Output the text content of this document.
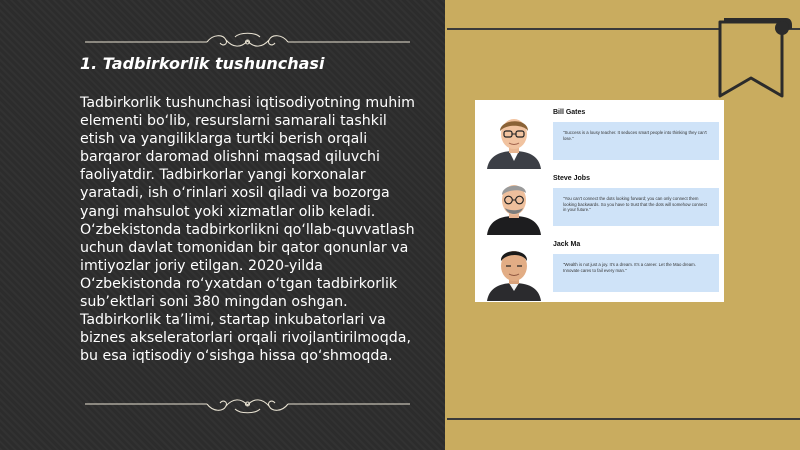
1. Tadbirkorlik tushunchasi

Tadbirkorlik tushunchasi iqtisodiyotning muhim elementi bo‘lib, resurslarni samarali tashkil etish va yangiliklarga turtki berish orqali barqaror daromad olishni maqsad qiluvchi faoliyatdir. Tadbirkorlar yangi korxonalar yaratadi, ish o‘rinlari xosil qiladi va bozorga yangi mahsulot yoki xizmatlar olib keladi. O‘zbekistonda tadbirkorlikni qo‘llab-quvvatlash uchun davlat tomonidan bir qator qonunlar va imtiyozlar joriy etilgan. 2020-yilda O‘zbekistonda ro‘yxatdan o‘tgan tadbirkorlik sub’ektlari soni 380 mingdan oshgan. Tadbirkorlik ta’limi, startap inkubatorlari va biznes akseleratorlari orqali rivojlantirilmoqda, bu esa iqtisodiy o‘sishga hissa qo‘shmoqda.

Bill Gates
"Success is a lousy teacher. It seduces smart people into thinking they can't lose."
Steve Jobs
"You can't connect the dots looking forward; you can only connect them looking backwards. So you have to trust that the dots will somehow connect in your future."
Jack Ma
"Wealth is not just a joy. It's a dream. It's a career. Let the Mao dream. Innovate cares to fail every man."
